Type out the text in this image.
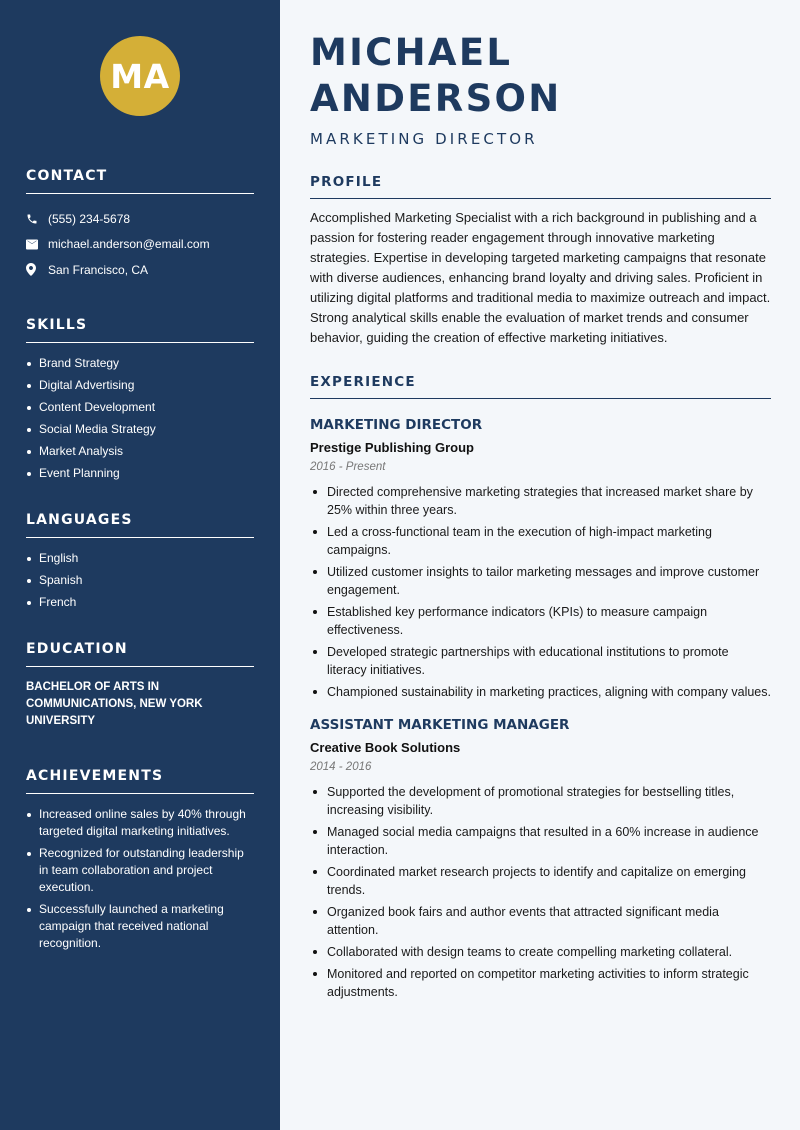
MA
CONTACT
(555) 234-5678
michael.anderson@email.com
San Francisco, CA
SKILLS
Brand Strategy
Digital Advertising
Content Development
Social Media Strategy
Market Analysis
Event Planning
LANGUAGES
English
Spanish
French
EDUCATION

BACHELOR OF ARTS IN COMMUNICATIONS, NEW YORK UNIVERSITY

ACHIEVEMENTS
Increased online sales by 40% through targeted digital marketing initiatives.
Recognized for outstanding leadership in team collaboration and project execution.
Successfully launched a marketing campaign that received national recognition.
MICHAEL ANDERSON
MARKETING DIRECTOR
PROFILE

Accomplished Marketing Specialist with a rich background in publishing and a passion for fostering reader engagement through innovative marketing strategies. Expertise in developing targeted marketing campaigns that resonate with diverse audiences, enhancing brand loyalty and driving sales. Proficient in utilizing digital platforms and traditional media to maximize outreach and impact. Strong analytical skills enable the evaluation of market trends and consumer behavior, guiding the creation of effective marketing initiatives.

EXPERIENCE
MARKETING DIRECTOR
Prestige Publishing Group
2016 - Present
Directed comprehensive marketing strategies that increased market share by 25% within three years.
Led a cross-functional team in the execution of high-impact marketing campaigns.
Utilized customer insights to tailor marketing messages and improve customer engagement.
Established key performance indicators (KPIs) to measure campaign effectiveness.
Developed strategic partnerships with educational institutions to promote literacy initiatives.
Championed sustainability in marketing practices, aligning with company values.
ASSISTANT MARKETING MANAGER
Creative Book Solutions
2014 - 2016
Supported the development of promotional strategies for bestselling titles, increasing visibility.
Managed social media campaigns that resulted in a 60% increase in audience interaction.
Coordinated market research projects to identify and capitalize on emerging trends.
Organized book fairs and author events that attracted significant media attention.
Collaborated with design teams to create compelling marketing collateral.
Monitored and reported on competitor marketing activities to inform strategic adjustments.
